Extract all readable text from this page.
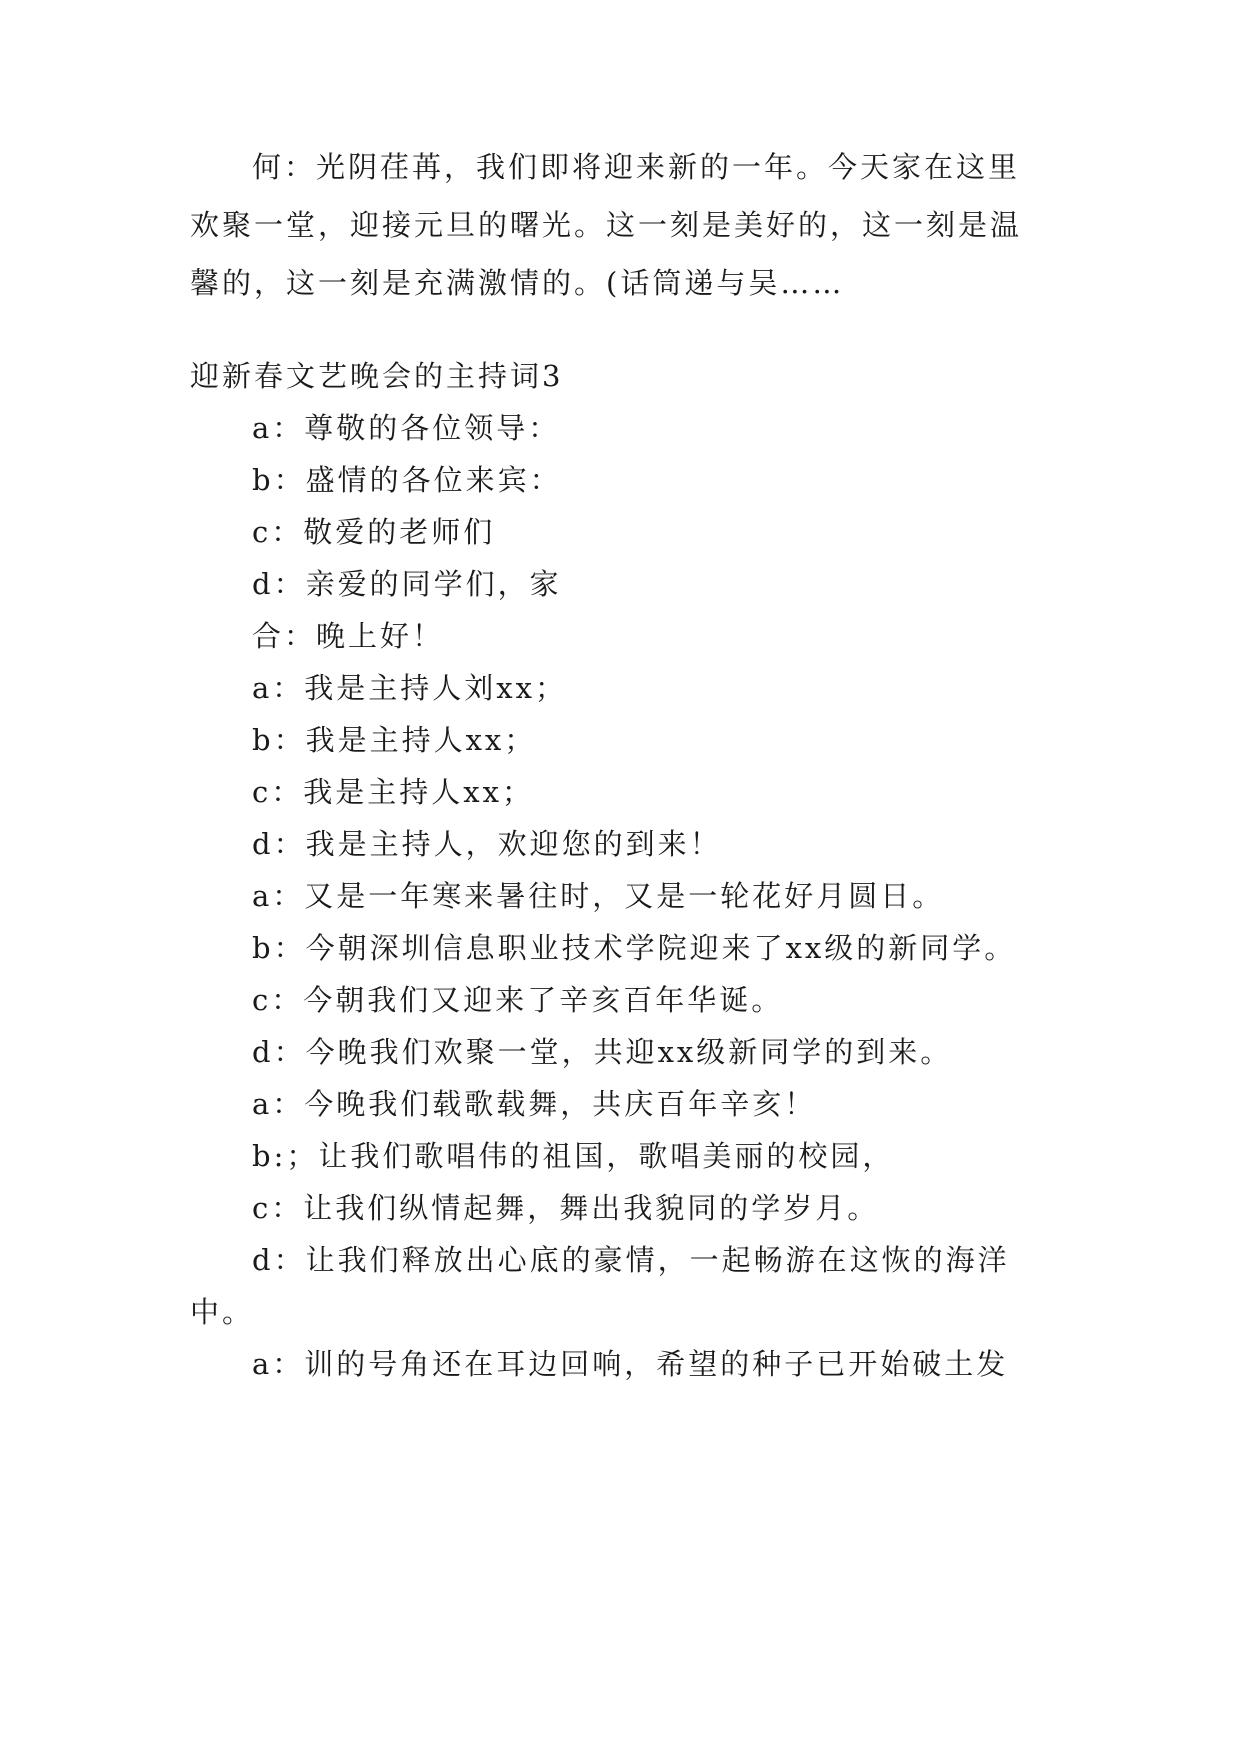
何：光阴荏苒，我们即将迎来新的一年。今天家在这里欢聚一堂，迎接元旦的曙光。这一刻是美好的，这一刻是温馨的，这一刻是充满激情的。(话筒递与吴……
迎新春文艺晚会的主持词3
a：尊敬的各位领导：
b：盛情的各位来宾：
c：敬爱的老师们
d：亲爱的同学们，家
合：晚上好！
a：我是主持人刘xx；
b：我是主持人xx；
c：我是主持人xx；
d：我是主持人，欢迎您的到来！
a：又是一年寒来暑往时，又是一轮花好月圆日。
b：今朝深圳信息职业技术学院迎来了xx级的新同学。
c：今朝我们又迎来了辛亥百年华诞。
d：今晚我们欢聚一堂，共迎xx级新同学的到来。
a：今晚我们载歌载舞，共庆百年辛亥！
b:；让我们歌唱伟的祖国，歌唱美丽的校园，
c：让我们纵情起舞，舞出我貌同的学岁月。
d：让我们释放出心底的豪情，一起畅游在这恢的海洋
中。
a：训的号角还在耳边回响，希望的种子已开始破土发
